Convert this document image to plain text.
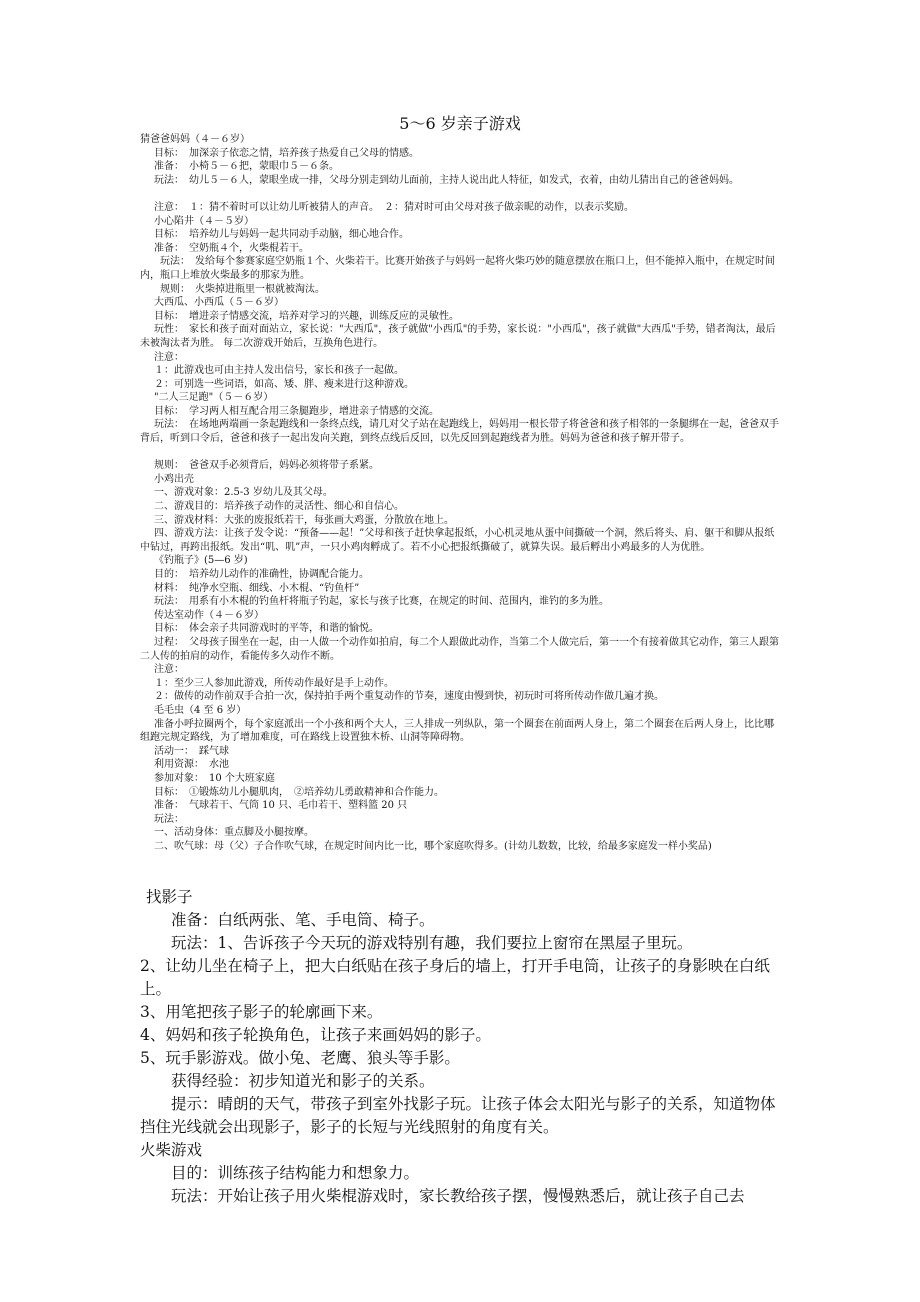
5～6 岁亲子游戏

猜爸爸妈妈（４－６岁）

目标：　加深亲子依恋之情，培养孩子热爱自己父母的情感。

准备：　小椅５－６把，蒙眼巾５－６条。

玩法：　幼儿５－６人，蒙眼坐成一排，父母分别走到幼儿面前，主持人说出此人特征，如发式，衣着，由幼儿猜出自己的爸爸妈妈。

注意：　１：猜不着时可以让幼儿听被猜人的声音。　２：猜对时可由父母对孩子做亲昵的动作，以表示奖励。

小心陷井（４－５岁）

目标：　培养幼儿与妈妈一起共同动手动脑，细心地合作。

准备：　空奶瓶４个，火柴棍若干。

玩法：　发给每个参赛家庭空奶瓶１个、火柴若干。比赛开始孩子与妈妈一起将火柴巧妙的随意摆放在瓶口上，但不能掉入瓶中，在规定时间内，瓶口上堆放火柴最多的那家为胜。

规则：　火柴掉进瓶里一根就被淘汰。

大西瓜、小西瓜（５－６岁）

目标：　增进亲子情感交流，培养对学习的兴趣，训练反应的灵敏性。

玩性：　家长和孩子面对面站立，家长说："大西瓜"，孩子就做"小西瓜"的手势，家长说："小西瓜"，孩子就做"大西瓜"手势，错者淘汰，最后未被淘汰者为胜。 每二次游戏开始后，互换角色进行。

注意：

１：此游戏也可由主持人发出信号，家长和孩子一起做。

２：可别选一些词语，如高、矮、胖、瘦来进行这种游戏。

"二人三足跑"（５－６岁）

目标：　学习两人相互配合用三条腿跑步，增进亲子情感的交流。

玩法：　在场地两端画一条起跑线和一条终点线，请几对父子站在起跑线上，妈妈用一根长带子将爸爸和孩子相邻的一条腿绑在一起，爸爸双手背后，听到口令后，爸爸和孩子一起出发向关跑，到终点线后反回，以先反回到起跑线者为胜。妈妈为爸爸和孩子解开带子。

规则：　爸爸双手必须背后，妈妈必须将带子系紧。

小鸡出壳

一、游戏对象：2.5-3 岁幼儿及其父母。

二、游戏目的：培养孩子动作的灵活性、细心和自信心。

三、游戏材料：大张的废报纸若干，每张画大鸡蛋，分散放在地上。

四、游戏方法：让孩子发令说：“预备——起！”父母和孩子赶快拿起报纸，小心机灵地从蛋中间撕破一个洞，然后将头、肩、躯干和脚从报纸中钻过，再跨出报纸。发出“叽、叽”声，一只小鸡肉孵成了。若不小心把报纸撕破了，就算失误。最后孵出小鸡最多的人为优胜。

《钓瓶子》(5—6 岁)

目的：　培养幼儿动作的准确性，协调配合能力。

材料：　纯净水空瓶、细线、小木棍、“钓鱼杆”

玩法：　用系有小木棍的钓鱼杆将瓶子钓起，家长与孩子比赛，在规定的时间、范围内，谁钓的多为胜。

传达室动作（４－６岁）

目标：　体会亲子共同游戏时的平等，和谐的愉悦。

过程：　父母孩子围坐在一起，由一人做一个动作如拍肩，每二个人跟做此动作，当第二个人做完后，第一一个有接着做其它动作，第三人跟第二人传的拍肩的动作，看能传多久动作不断。

注意：

１：至少三人参加此游戏，所传动作最好是手上动作。

２：做传的动作前双手合拍一次，保持拍手两个重复动作的节奏，速度由慢到快，初玩时可将所传动作做几遍才换。

毛毛虫（4 至 6 岁）

准备小呼拉圈两个，每个家庭派出一个小孩和两个大人，三人排成一列纵队，第一个圈套在前面两人身上，第二个圈套在后两人身上，比比哪组跑完规定路线，为了增加难度，可在路线上设置独木桥、山洞等障碍物。

活动一：　踩气球

利用资源：　水池

参加对象：　10 个大班家庭

目标：　①锻炼幼儿小腿肌肉，　②培养幼儿勇敢精神和合作能力。

准备：　气球若干、气筒 10 只、毛巾若干、塑料篮 20 只

玩法：

一、活动身体：重点脚及小腿按摩。

二、吹气球：母（父）子合作吹气球，在规定时间内比一比，哪个家庭吹得多。(计幼儿数数，比较，给最多家庭发一样小奖品)

找影子

准备：白纸两张、笔、手电筒、椅子。

玩法：1、告诉孩子今天玩的游戏特别有趣，我们要拉上窗帘在黑屋子里玩。

2、让幼儿坐在椅子上，把大白纸贴在孩子身后的墙上，打开手电筒，让孩子的身影映在白纸上。

3、用笔把孩子影子的轮廓画下来。

4、妈妈和孩子轮换角色，让孩子来画妈妈的影子。

5、玩手影游戏。做小兔、老鹰、狼头等手影。

获得经验：初步知道光和影子的关系。

提示：晴朗的天气，带孩子到室外找影子玩。让孩子体会太阳光与影子的关系，知道物体挡住光线就会出现影子，影子的长短与光线照射的角度有关。

火柴游戏

目的：训练孩子结构能力和想象力。

玩法：开始让孩子用火柴棍游戏时，家长教给孩子摆，慢慢熟悉后，就让孩子自己去
